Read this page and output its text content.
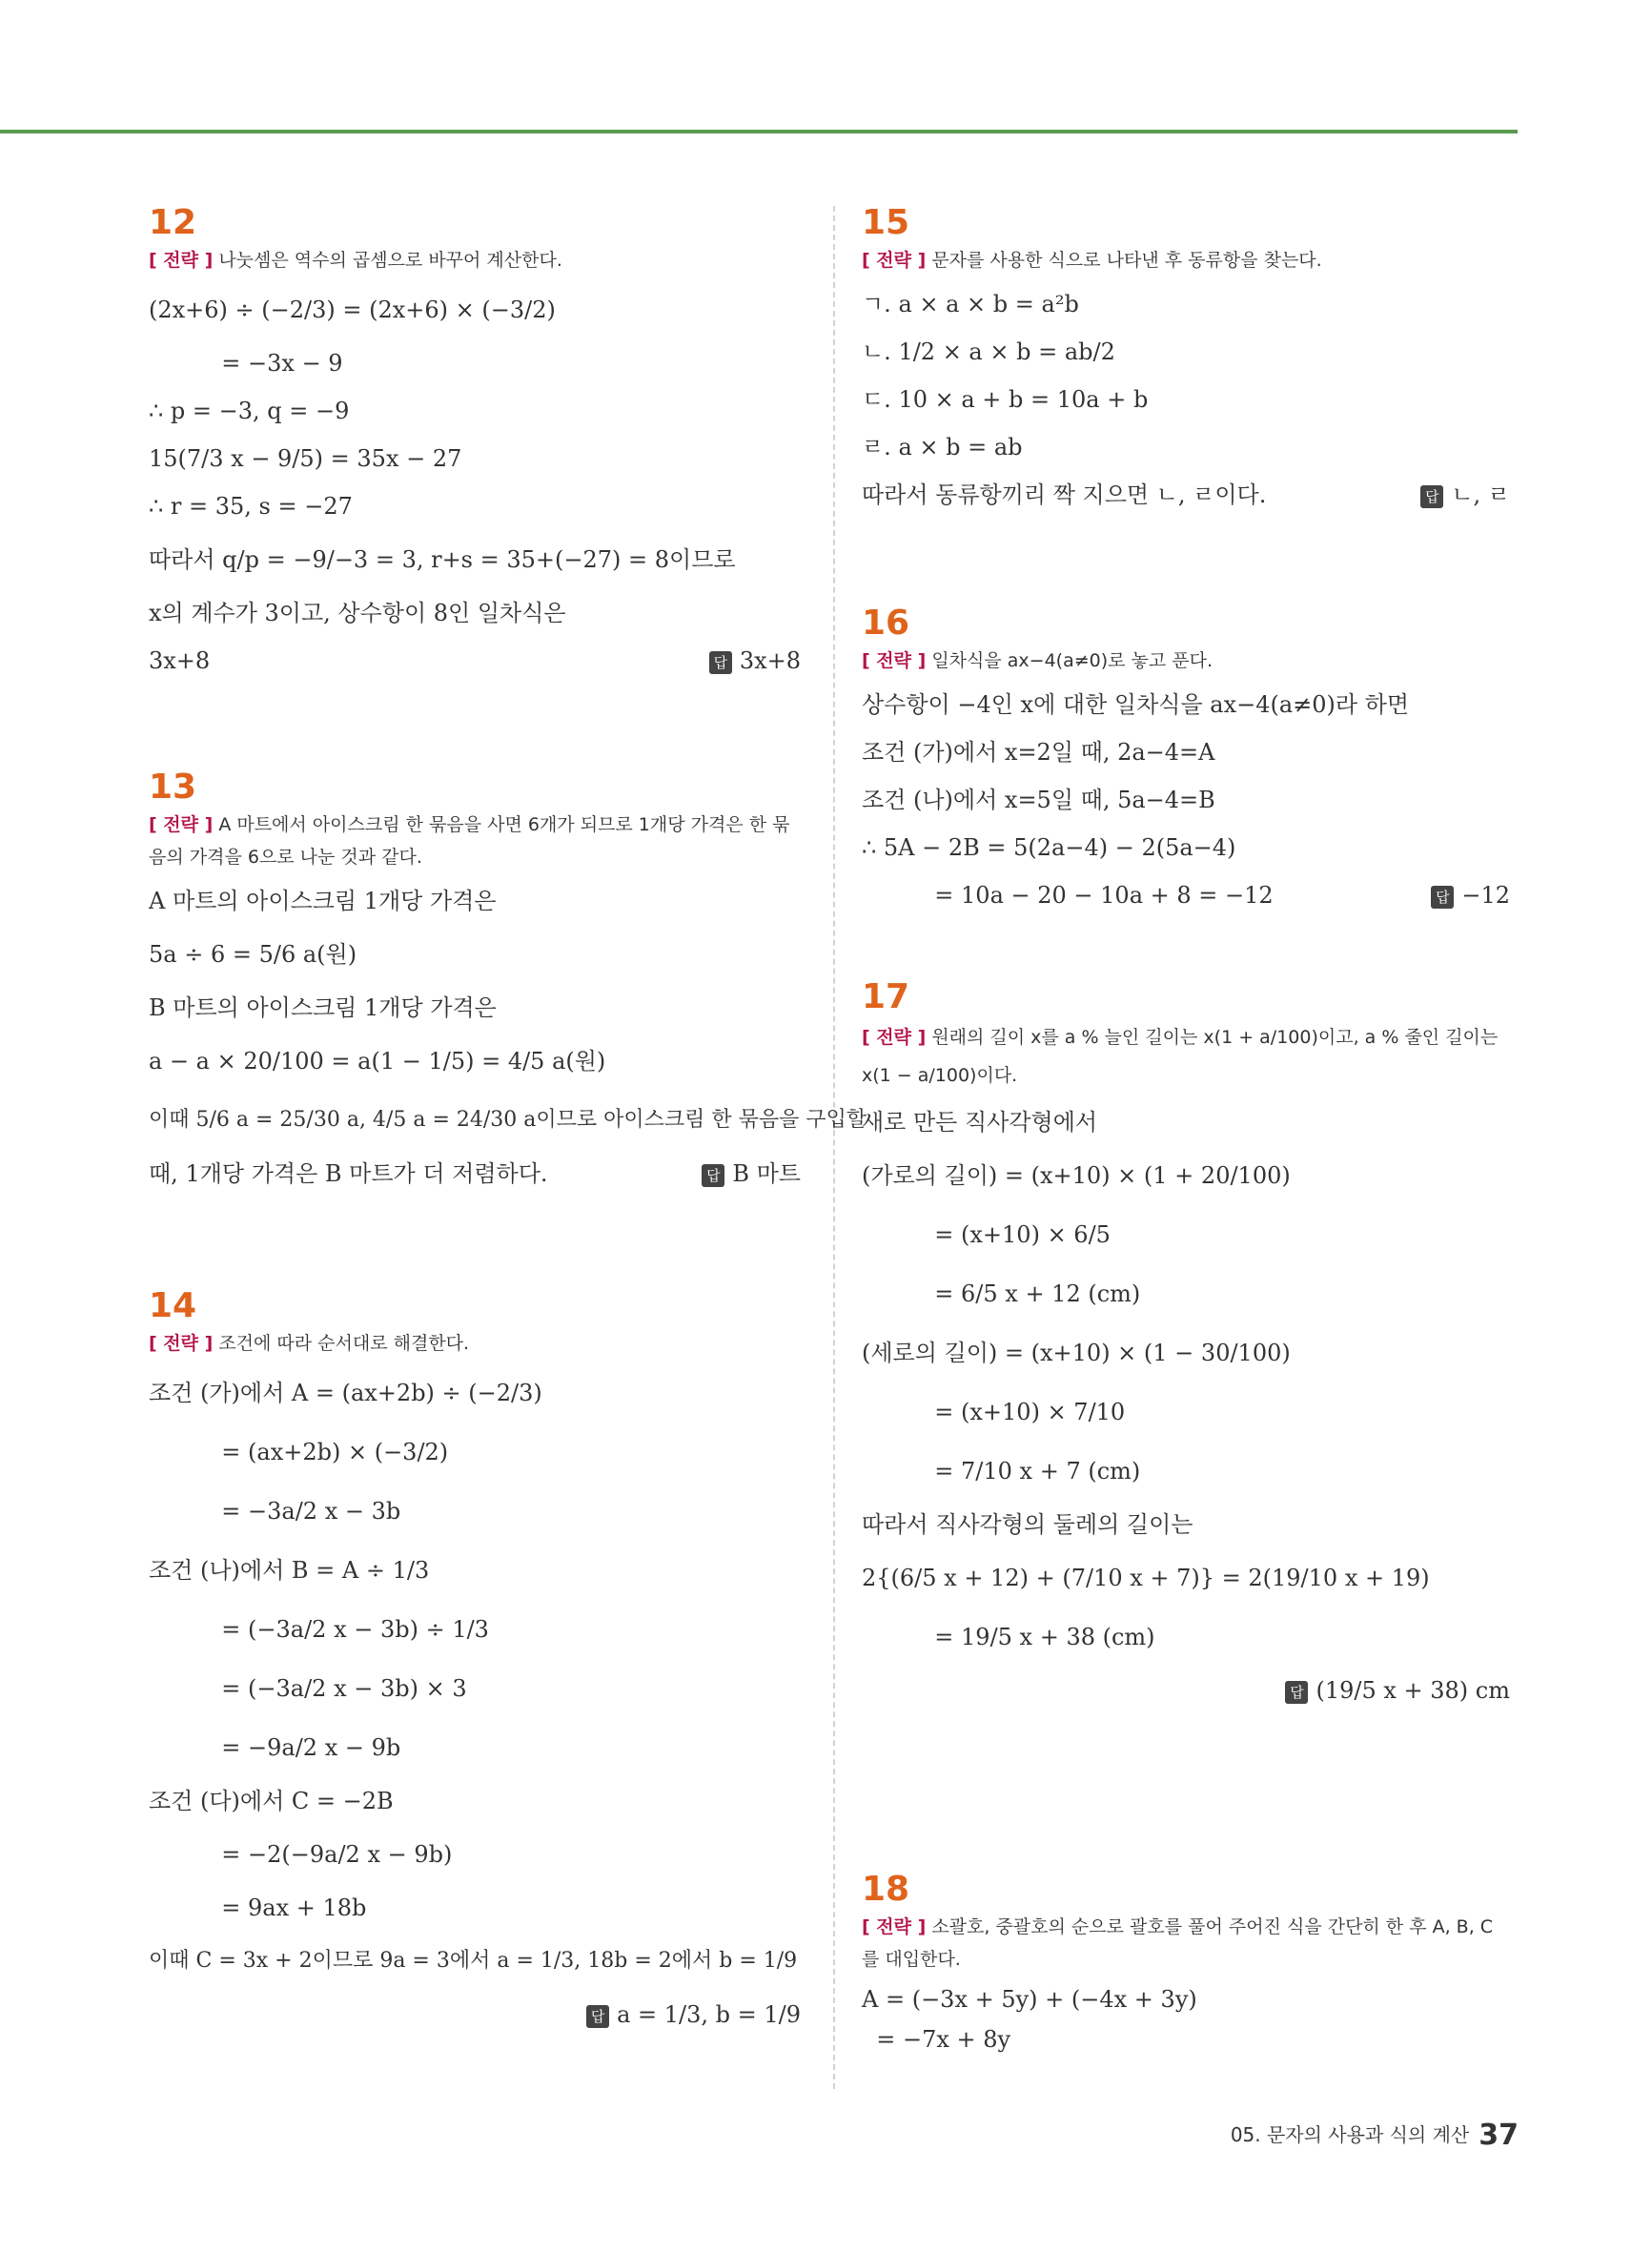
12
[ 전략 ] 나눗셈은 역수의 곱셈으로 바꾸어 계산한다.
(2x+6) ÷ (−2/3) = (2x+6) × (−3/2)
= −3x − 9
∴ p = −3, q = −9
15(7/3 x − 9/5) = 35x − 27
∴ r = 35, s = −27
따라서 q/p = −9/−3 = 3, r+s = 35+(−27) = 8이므로
x의 계수가 3이고, 상수항이 8인 일차식은
3x+8	답 3x+8
13
[ 전략 ] A 마트에서 아이스크림 한 묶음을 사면 6개가 되므로 1개당 가격은 한 묶음의 가격을 6으로 나눈 것과 같다.
A 마트의 아이스크림 1개당 가격은
5a ÷ 6 = 5/6 a(원)
B 마트의 아이스크림 1개당 가격은
a − a × 20/100 = a(1 − 1/5) = 4/5 a(원)
이때 5/6 a = 25/30 a, 4/5 a = 24/30 a이므로 아이스크림 한 묶음을 구입할
때, 1개당 가격은 B 마트가 더 저렴하다.	답 B 마트
14
[ 전략 ] 조건에 따라 순서대로 해결한다.
조건 (가)에서 A = (ax+2b) ÷ (−2/3)
= (ax+2b) × (−3/2)
= −3a/2 x − 3b
조건 (나)에서 B = A ÷ 1/3
= (−3a/2 x − 3b) ÷ 1/3
= (−3a/2 x − 3b) × 3
= −9a/2 x − 9b
조건 (다)에서 C = −2B
= −2(−9a/2 x − 9b)
= 9ax + 18b
이때 C = 3x + 2이므로 9a = 3에서 a = 1/3, 18b = 2에서 b = 1/9
답 a = 1/3, b = 1/9
15
[ 전략 ] 문자를 사용한 식으로 나타낸 후 동류항을 찾는다.
ㄱ. a × a × b = a²b
ㄴ. 1/2 × a × b = ab/2
ㄷ. 10 × a + b = 10a + b
ㄹ. a × b = ab
따라서 동류항끼리 짝 지으면 ㄴ, ㄹ이다.	답 ㄴ, ㄹ
16
[ 전략 ] 일차식을 ax−4(a≠0)로 놓고 푼다.
상수항이 −4인 x에 대한 일차식을 ax−4(a≠0)라 하면
조건 (가)에서 x=2일 때, 2a−4=A
조건 (나)에서 x=5일 때, 5a−4=B
∴ 5A − 2B = 5(2a−4) − 2(5a−4)
= 10a − 20 − 10a + 8 = −12	답 −12
17
[ 전략 ] 원래의 길이 x를 a % 늘인 길이는 x(1 + a/100)이고, a % 줄인 길이는 x(1 − a/100)이다.
새로 만든 직사각형에서
(가로의 길이) = (x+10) × (1 + 20/100)
= (x+10) × 6/5
= 6/5 x + 12 (cm)
(세로의 길이) = (x+10) × (1 − 30/100)
= (x+10) × 7/10
= 7/10 x + 7 (cm)
따라서 직사각형의 둘레의 길이는
2{(6/5 x + 12) + (7/10 x + 7)} = 2(19/10 x + 19)
= 19/5 x + 38 (cm)
답 (19/5 x + 38) cm
18
[ 전략 ] 소괄호, 중괄호의 순으로 괄호를 풀어 주어진 식을 간단히 한 후 A, B, C를 대입한다.
A = (−3x + 5y) + (−4x + 3y)
= −7x + 8y
05. 문자의 사용과 식의 계산 37
